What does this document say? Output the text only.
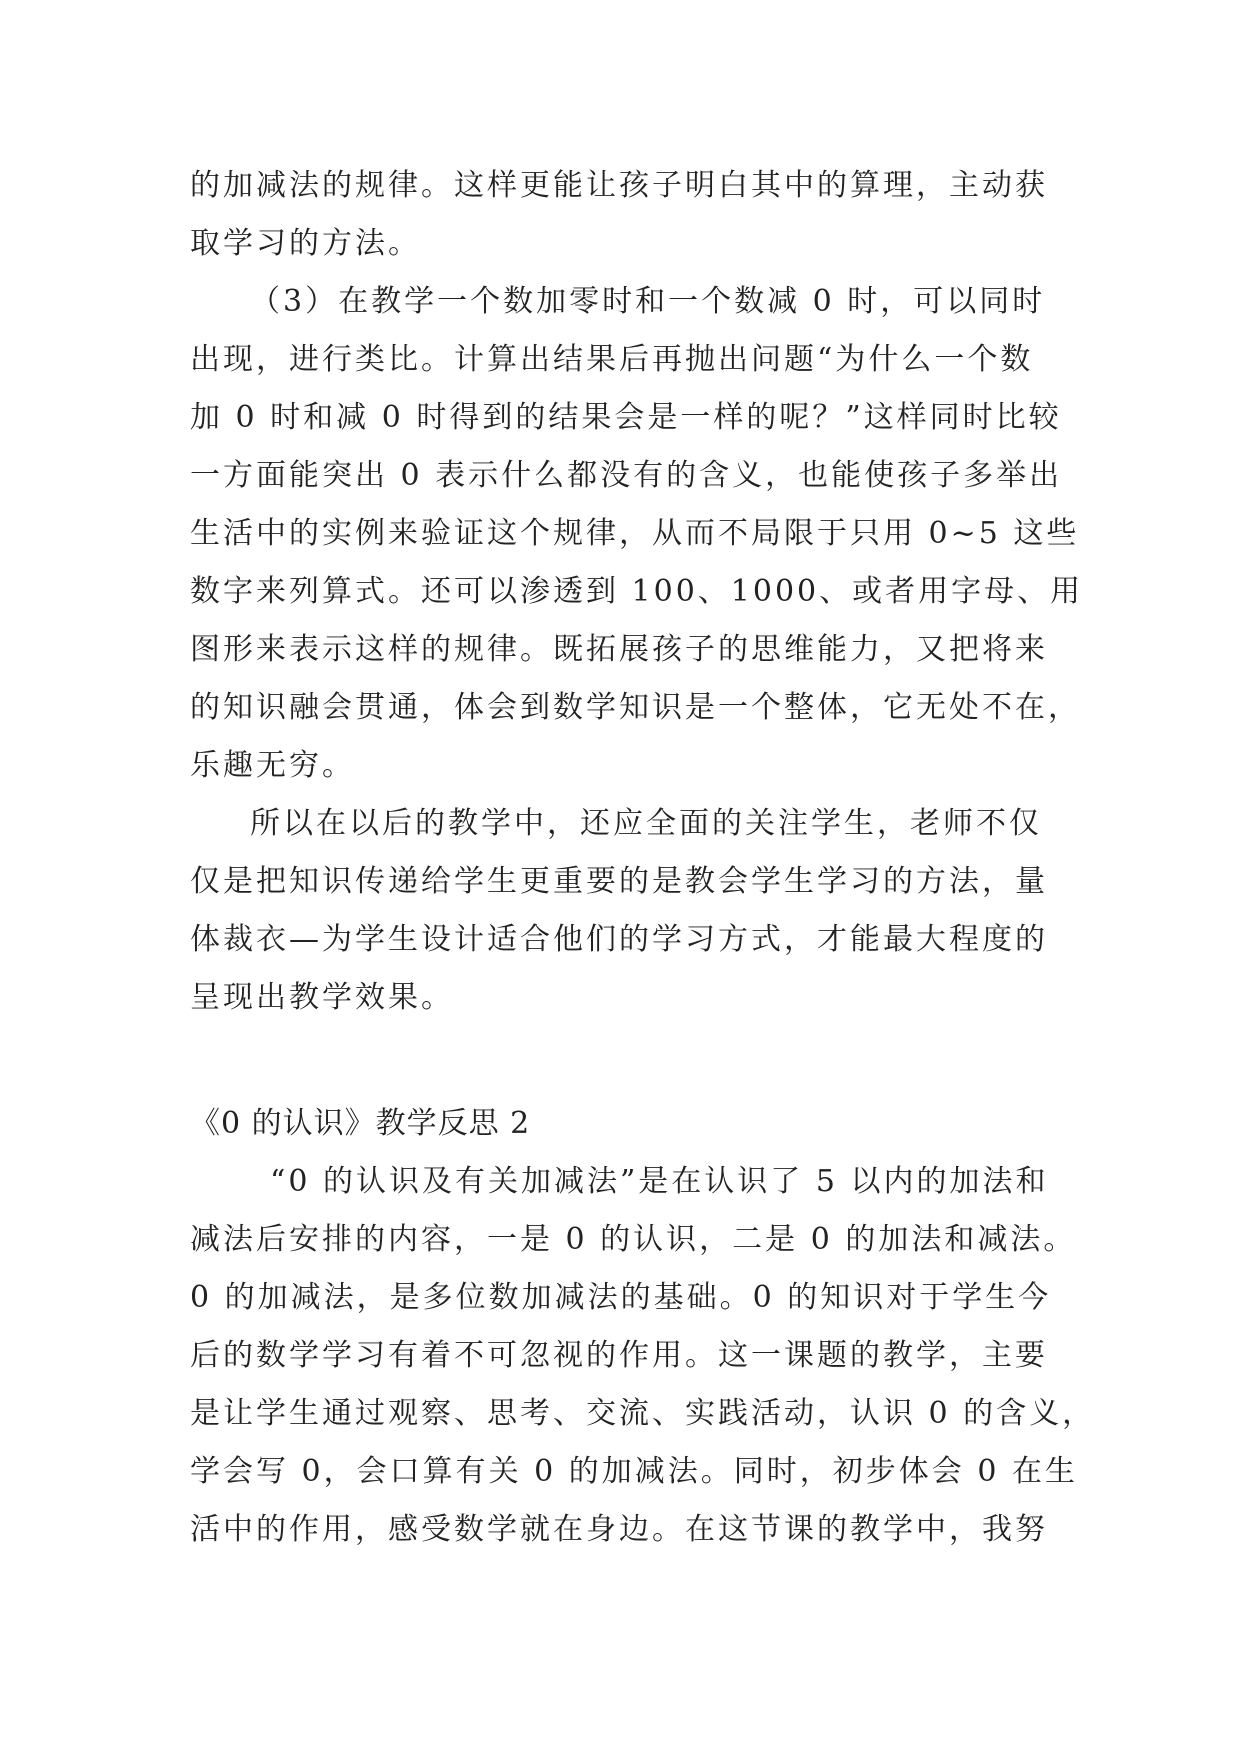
的加减法的规律。这样更能让孩子明白其中的算理，主动获
取学习的方法。
（3）在教学一个数加零时和一个数减 0 时，可以同时
出现，进行类比。计算出结果后再抛出问题“为什么一个数
加 0 时和减 0 时得到的结果会是一样的呢？”这样同时比较
一方面能突出 0 表示什么都没有的含义，也能使孩子多举出
生活中的实例来验证这个规律，从而不局限于只用 0~5 这些
数字来列算式。还可以渗透到 100、1000、或者用字母、用
图形来表示这样的规律。既拓展孩子的思维能力，又把将来
的知识融会贯通，体会到数学知识是一个整体，它无处不在，
乐趣无穷。
所以在以后的教学中，还应全面的关注学生，老师不仅
仅是把知识传递给学生更重要的是教会学生学习的方法，量
体裁衣—为学生设计适合他们的学习方式，才能最大程度的
呈现出教学效果。
《0 的认识》教学反思 2
“0 的认识及有关加减法”是在认识了 5 以内的加法和
减法后安排的内容，一是 0 的认识，二是 0 的加法和减法。
0 的加减法，是多位数加减法的基础。0 的知识对于学生今
后的数学学习有着不可忽视的作用。这一课题的教学，主要
是让学生通过观察、思考、交流、实践活动，认识 0 的含义，
学会写 0，会口算有关 0 的加减法。同时，初步体会 0 在生
活中的作用，感受数学就在身边。在这节课的教学中，我努
